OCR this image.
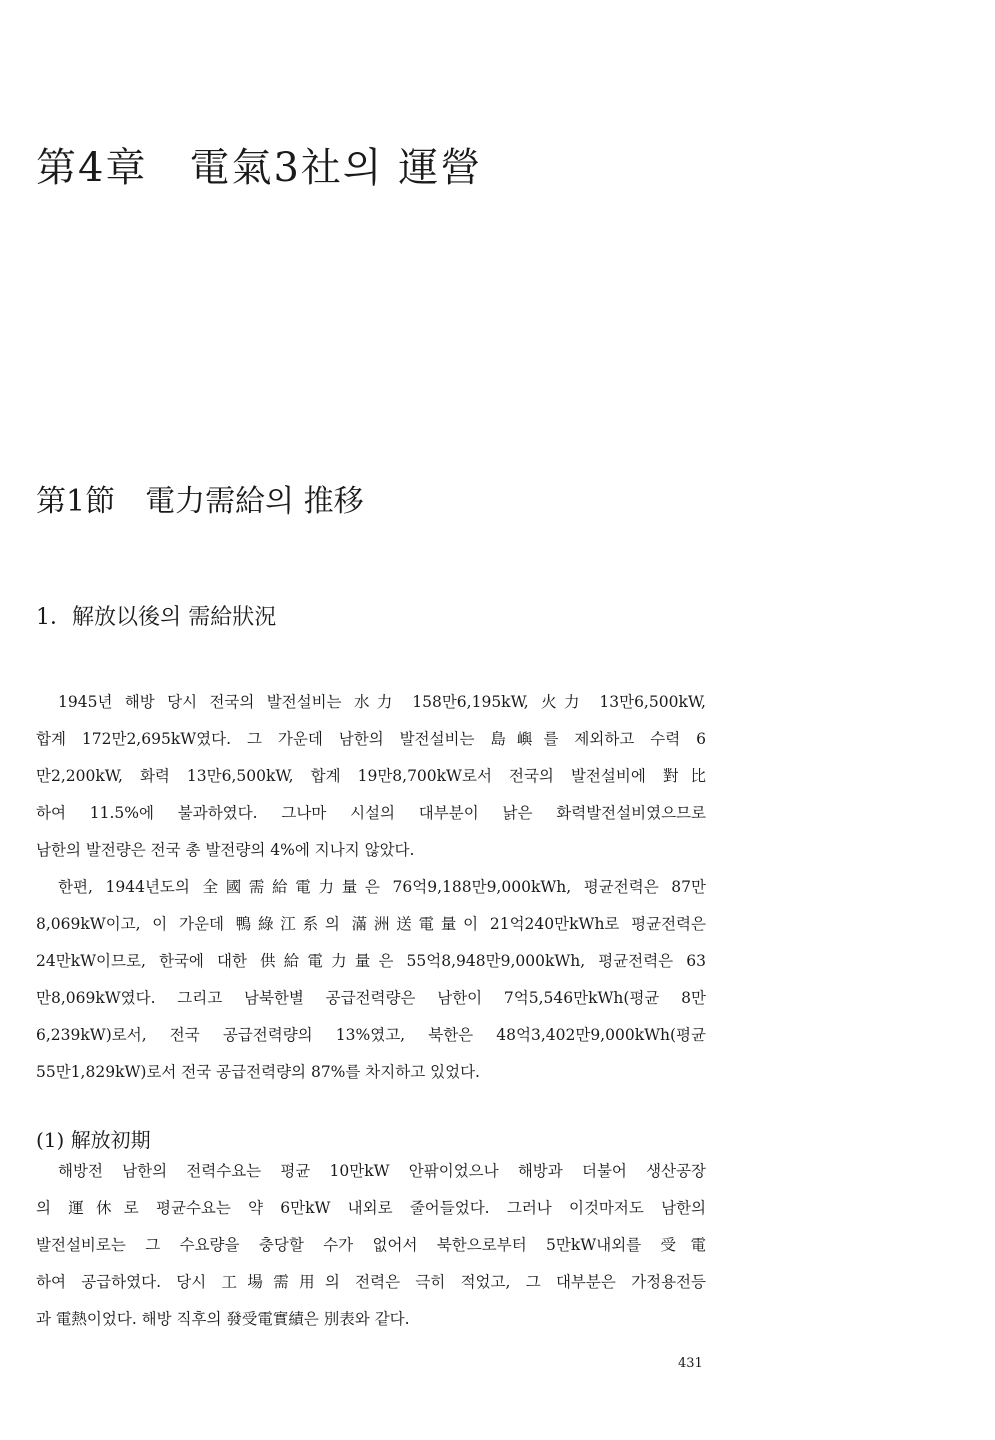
第4章　電氣3社의 運營
第1節　電力需給의 推移
1．解放以後의 需給狀況
1945년 해방 당시 전국의 발전설비는 水力 158만6,195kW, 火力 13만6,500kW,
합계 172만2,695kW였다. 그 가운데 남한의 발전설비는 島嶼를 제외하고 수력 6
만2,200kW, 화력 13만6,500kW, 합계 19만8,700kW로서 전국의 발전설비에 對比
하여 11.5%에 불과하였다. 그나마 시설의 대부분이 낡은 화력발전설비였으므로
남한의 발전량은 전국 총 발전량의 4%에 지나지 않았다.
한편, 1944년도의 全國需給電力量은 76억9,188만9,000kWh, 평균전력은 87만
8,069kW이고, 이 가운데 鴨綠江系의 滿洲送電量이 21억240만kWh로 평균전력은
24만kW이므로, 한국에 대한 供給電力量은 55억8,948만9,000kWh, 평균전력은 63
만8,069kW였다. 그리고 남북한별 공급전력량은 남한이 7억5,546만kWh(평균 8만
6,239kW)로서, 전국 공급전력량의 13%였고, 북한은 48억3,402만9,000kWh(평균
55만1,829kW)로서 전국 공급전력량의 87%를 차지하고 있었다.
(1) 解放初期
해방전 남한의 전력수요는 평균 10만kW 안팎이었으나 해방과 더불어 생산공장
의 運休로 평균수요는 약 6만kW 내외로 줄어들었다. 그러나 이것마저도 남한의
발전설비로는 그 수요량을 충당할 수가 없어서 북한으로부터 5만kW내외를 受電
하여 공급하였다. 당시 工場需用의 전력은 극히 적었고, 그 대부분은 가정용전등
과 電熱이었다. 해방 직후의 發受電實績은 別表와 같다.
431
